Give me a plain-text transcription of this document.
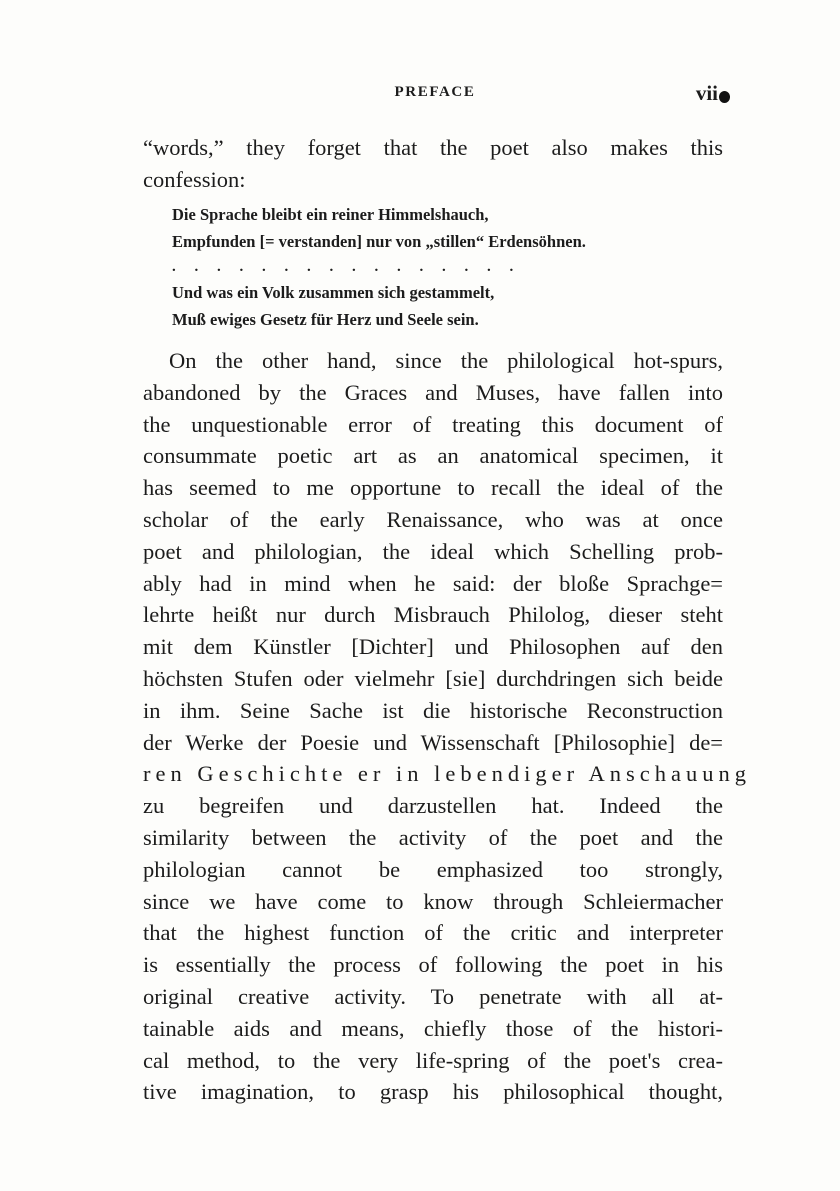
PREFACE	vii
“words,” they forget that the poet also makes this
confession:
Die Sprache bleibt ein reiner Himmelshauch,
Empfunden [= verstanden] nur von „stillen“ Erdensöhnen.
. . . . . . . . . . . . . . . .
Und was ein Volk zusammen sich gestammelt,
Muß ewiges Gesetz für Herz und Seele sein.
On the other hand, since the philological hot-spurs,
abandoned by the Graces and Muses, have fallen into
the unquestionable error of treating this document of
consummate poetic art as an anatomical specimen, it
has seemed to me opportune to recall the ideal of the
scholar of the early Renaissance, who was at once
poet and philologian, the ideal which Schelling prob-
ably had in mind when he said: der bloße Sprachge=
lehrte heißt nur durch Misbrauch Philolog, dieser steht
mit dem Künstler [Dichter] und Philosophen auf den
höchsten Stufen oder vielmehr [sie] durchdringen sich beide
in ihm. Seine Sache ist die historische Reconstruction
der Werke der Poesie und Wissenschaft [Philosophie] de=
ren Geschichte er in lebendiger Anschauung
zu begreifen und darzustellen hat. Indeed the
similarity between the activity of the poet and the
philologian cannot be emphasized too strongly,
since we have come to know through Schleiermacher
that the highest function of the critic and interpreter
is essentially the process of following the poet in his
original creative activity. To penetrate with all at-
tainable aids and means, chiefly those of the histori-
cal method, to the very life-spring of the poet's crea-
tive imagination, to grasp his philosophical thought,
